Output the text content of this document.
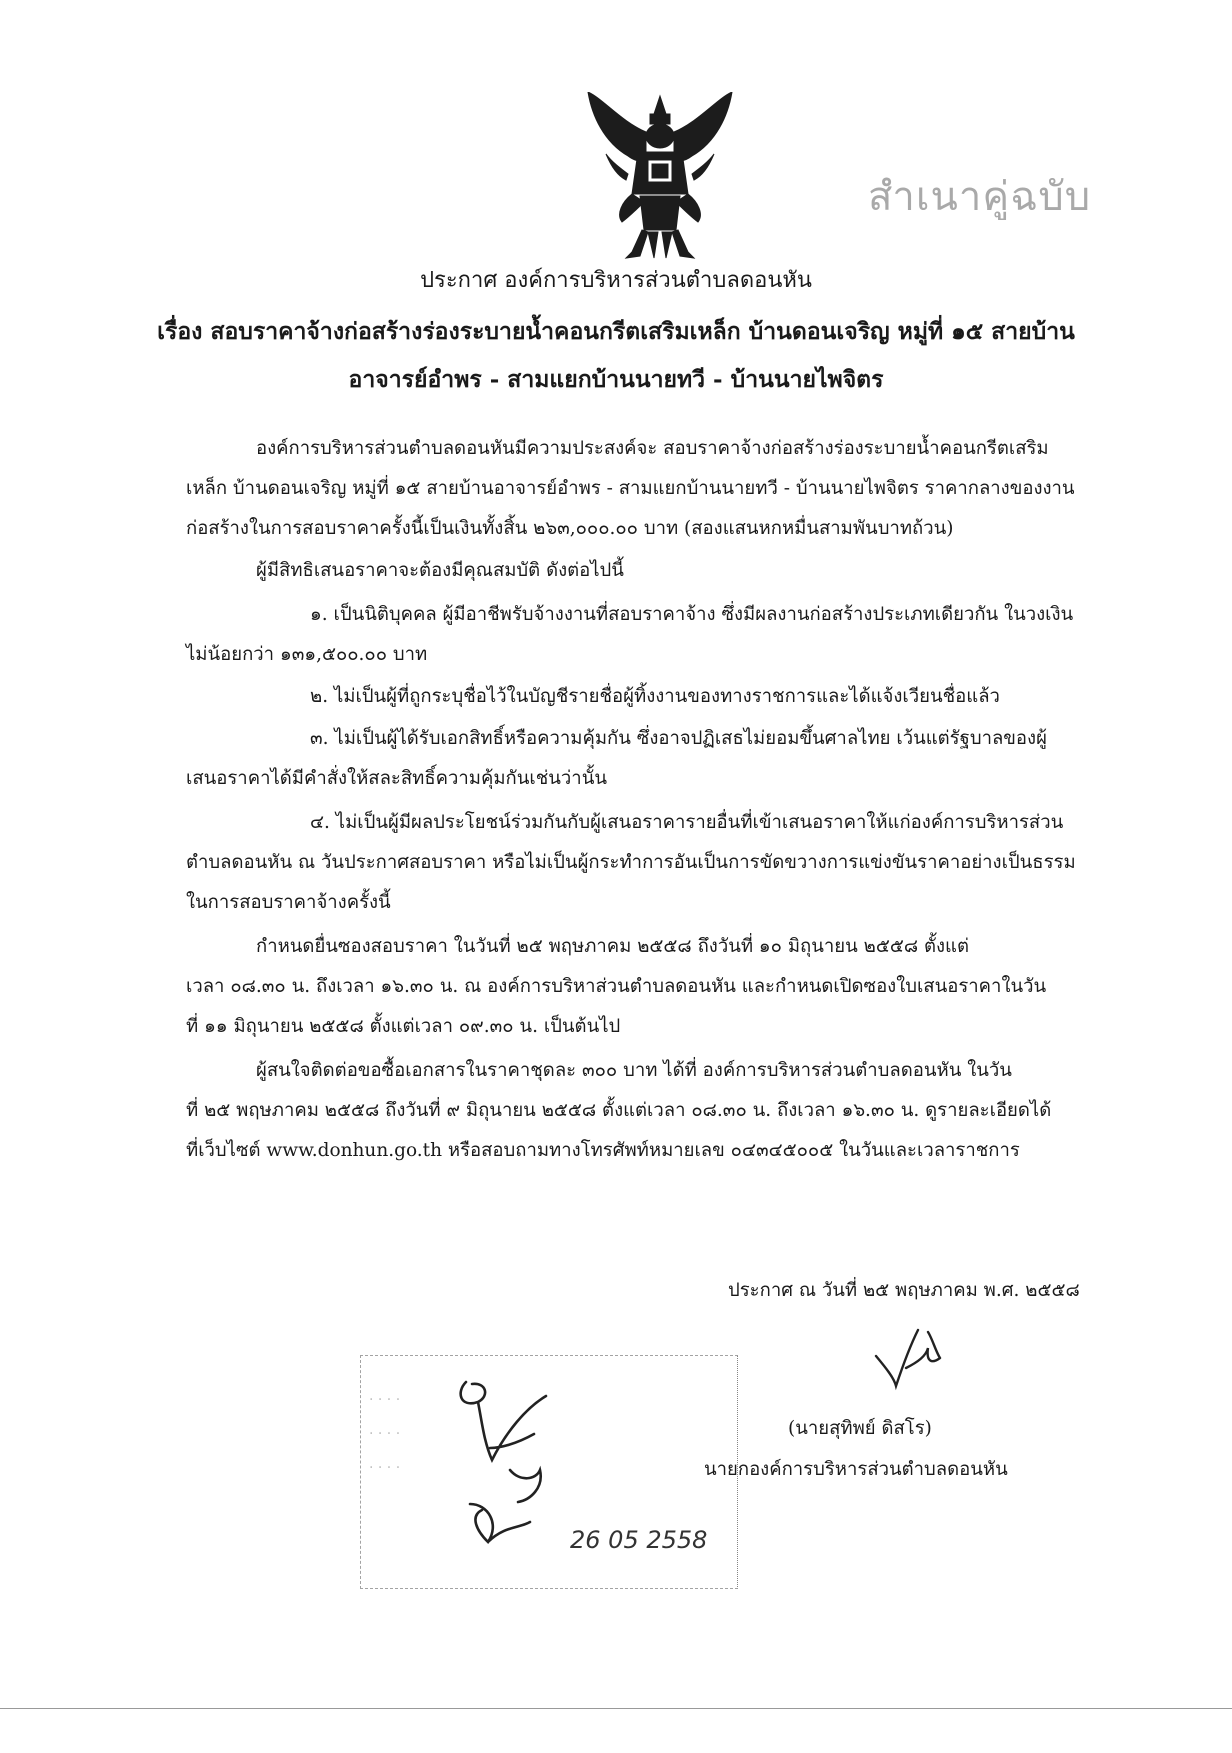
สำเนาคู่ฉบับ
ประกาศ องค์การบริหารส่วนตำบลดอนหัน
เรื่อง สอบราคาจ้างก่อสร้างร่องระบายน้ำคอนกรีตเสริมเหล็ก บ้านดอนเจริญ หมู่ที่ ๑๕ สายบ้าน
อาจารย์อำพร - สามแยกบ้านนายทวี - บ้านนายไพจิตร
องค์การบริหารส่วนตำบลดอนหันมีความประสงค์จะ สอบราคาจ้างก่อสร้างร่องระบายน้ำคอนกรีตเสริม
เหล็ก บ้านดอนเจริญ หมู่ที่ ๑๕ สายบ้านอาจารย์อำพร - สามแยกบ้านนายทวี - บ้านนายไพจิตร ราคากลางของงาน
ก่อสร้างในการสอบราคาครั้งนี้เป็นเงินทั้งสิ้น ๒๖๓,๐๐๐.๐๐ บาท (สองแสนหกหมื่นสามพันบาทถ้วน)
ผู้มีสิทธิเสนอราคาจะต้องมีคุณสมบัติ ดังต่อไปนี้
๑. เป็นนิติบุคคล ผู้มีอาชีพรับจ้างงานที่สอบราคาจ้าง ซึ่งมีผลงานก่อสร้างประเภทเดียวกัน ในวงเงิน
ไม่น้อยกว่า ๑๓๑,๕๐๐.๐๐ บาท
๒. ไม่เป็นผู้ที่ถูกระบุชื่อไว้ในบัญชีรายชื่อผู้ทิ้งงานของทางราชการและได้แจ้งเวียนชื่อแล้ว
๓. ไม่เป็นผู้ได้รับเอกสิทธิ์หรือความคุ้มกัน ซึ่งอาจปฏิเสธไม่ยอมขึ้นศาลไทย เว้นแต่รัฐบาลของผู้
เสนอราคาได้มีคำสั่งให้สละสิทธิ์ความคุ้มกันเช่นว่านั้น
๔. ไม่เป็นผู้มีผลประโยชน์ร่วมกันกับผู้เสนอราคารายอื่นที่เข้าเสนอราคาให้แก่องค์การบริหารส่วน
ตำบลดอนหัน ณ วันประกาศสอบราคา หรือไม่เป็นผู้กระทำการอันเป็นการขัดขวางการแข่งขันราคาอย่างเป็นธรรม
ในการสอบราคาจ้างครั้งนี้
กำหนดยื่นซองสอบราคา ในวันที่ ๒๕ พฤษภาคม ๒๕๕๘ ถึงวันที่ ๑๐ มิถุนายน ๒๕๕๘ ตั้งแต่
เวลา ๐๘.๓๐ น. ถึงเวลา ๑๖.๓๐ น. ณ องค์การบริหาส่วนตำบลดอนหัน และกำหนดเปิดซองใบเสนอราคาในวัน
ที่ ๑๑ มิถุนายน ๒๕๕๘ ตั้งแต่เวลา ๐๙.๓๐ น. เป็นต้นไป
ผู้สนใจติดต่อขอซื้อเอกสารในราคาชุดละ ๓๐๐ บาท ได้ที่ องค์การบริหารส่วนตำบลดอนหัน ในวัน
ที่ ๒๕ พฤษภาคม ๒๕๕๘ ถึงวันที่ ๙ มิถุนายน ๒๕๕๘ ตั้งแต่เวลา ๐๘.๓๐ น. ถึงเวลา ๑๖.๓๐ น. ดูรายละเอียดได้
ที่เว็บไซต์ www.donhun.go.th หรือสอบถามทางโทรศัพท์หมายเลข ๐๔๓๔๕๐๐๕ ในวันและเวลาราชการ
ประกาศ ณ วันที่ ๒๕ พฤษภาคม พ.ศ. ๒๕๕๘
(นายสุทิพย์ ดิสโร)
นายกองค์การบริหารส่วนตำบลดอนหัน
· · · ·
· · · ·
· · · ·
26 05 2558
